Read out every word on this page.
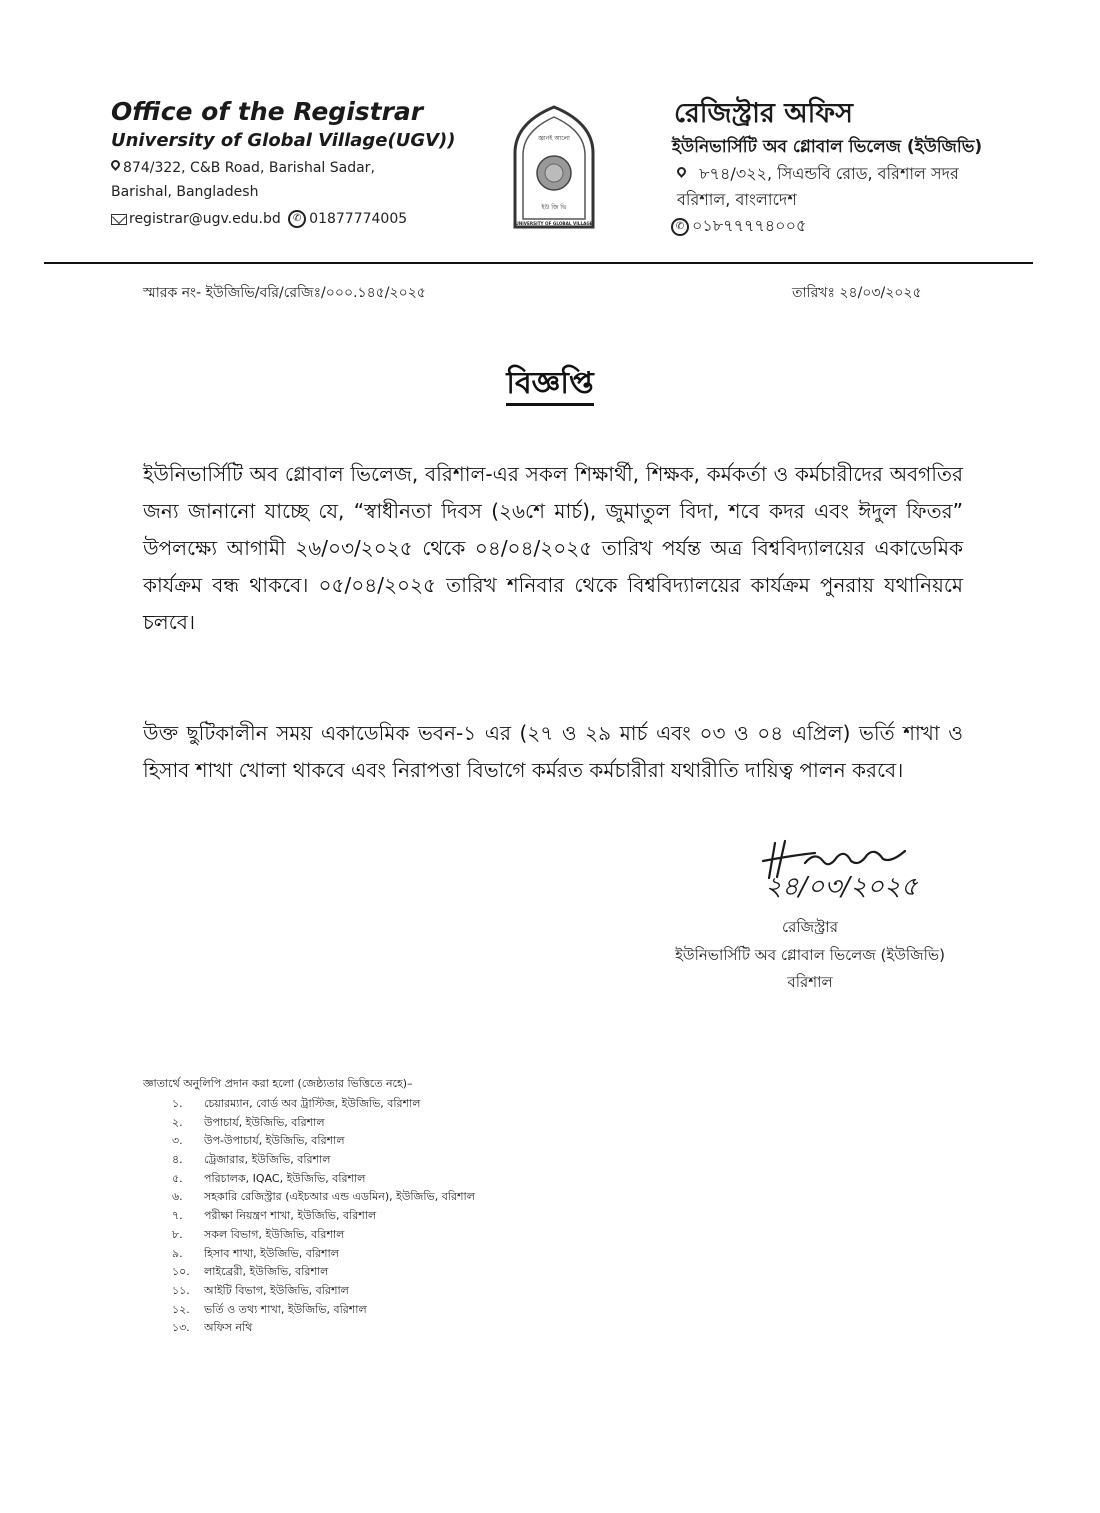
Office of the Registrar
University of Global Village(UGV))
874/322, C&B Road, Barishal Sadar,
Barishal, Bangladesh
registrar@ugv.edu.bd ✆ 01877774005
জ্ঞানই আলো
ইউ জি ভি
UNIVERSITY OF GLOBAL VILLAGE
রেজিস্ট্রার অফিস
ইউনিভার্সিটি অব গ্লোবাল ভিলেজ (ইউজিভি)
৮৭৪/৩২২, সিএন্ডবি রোড, বরিশাল সদর
বরিশাল, বাংলাদেশ
✆ ০১৮৭৭৭৭৪০০৫
স্মারক নং- ইউজিভি/বরি/রেজিঃ/০০০.১৪৫/২০২৫	তারিখঃ ২৪/০৩/২০২৫
বিজ্ঞপ্তি
ইউনিভার্সিটি অব গ্লোবাল ভিলেজ, বরিশাল-এর সকল শিক্ষার্থী, শিক্ষক, কর্মকর্তা ও কর্মচারীদের অবগতির জন্য জানানো যাচ্ছে যে, “স্বাধীনতা দিবস (২৬শে মার্চ), জুমাতুল বিদা, শবে কদর এবং ঈদুল ফিতর” উপলক্ষ্যে আগামী ২৬/০৩/২০২৫ থেকে ০৪/০৪/২০২৫ তারিখ পর্যন্ত অত্র বিশ্ববিদ্যালয়ের একাডেমিক কার্যক্রম বন্ধ থাকবে। ০৫/০৪/২০২৫ তারিখ শনিবার থেকে বিশ্ববিদ্যালয়ের কার্যক্রম পুনরায় যথানিয়মে চলবে।
উক্ত ছুটিকালীন সময় একাডেমিক ভবন-১ এর (২৭ ও ২৯ মার্চ এবং ০৩ ও ০৪ এপ্রিল) ভর্তি শাখা ও হিসাব শাখা খোলা থাকবে এবং নিরাপত্তা বিভাগে কর্মরত কর্মচারীরা যথারীতি দায়িত্ব পালন করবে।
২৪/০৩/২০২৫
রেজিস্ট্রার
ইউনিভার্সিটি অব গ্লোবাল ভিলেজ (ইউজিভি)
বরিশাল
জ্ঞাতার্থে অনুলিপি প্রদান করা হলো (জেষ্ঠ্যতার ভিত্তিতে নহে)–
১. চেয়ারম্যান, বোর্ড অব ট্রাস্টিজ, ইউজিভি, বরিশাল
২. উপাচার্য, ইউজিভি, বরিশাল
৩. উপ-উপাচার্য, ইউজিভি, বরিশাল
৪. ট্রেজারার, ইউজিভি, বরিশাল
৫. পরিচালক, IQAC, ইউজিভি, বরিশাল
৬. সহকারি রেজিস্ট্রার (এইচআর এন্ড এডমিন), ইউজিভি, বরিশাল
৭. পরীক্ষা নিয়ন্ত্রণ শাখা, ইউজিভি, বরিশাল
৮. সকল বিভাগ, ইউজিভি, বরিশাল
৯. হিসাব শাখা, ইউজিভি, বরিশাল
১০. লাইব্রেরী, ইউজিভি, বরিশাল
১১. আইটি বিভাগ, ইউজিভি, বরিশাল
১২. ভর্তি ও তথ্য শাখা, ইউজিভি, বরিশাল
১৩. অফিস নথি
